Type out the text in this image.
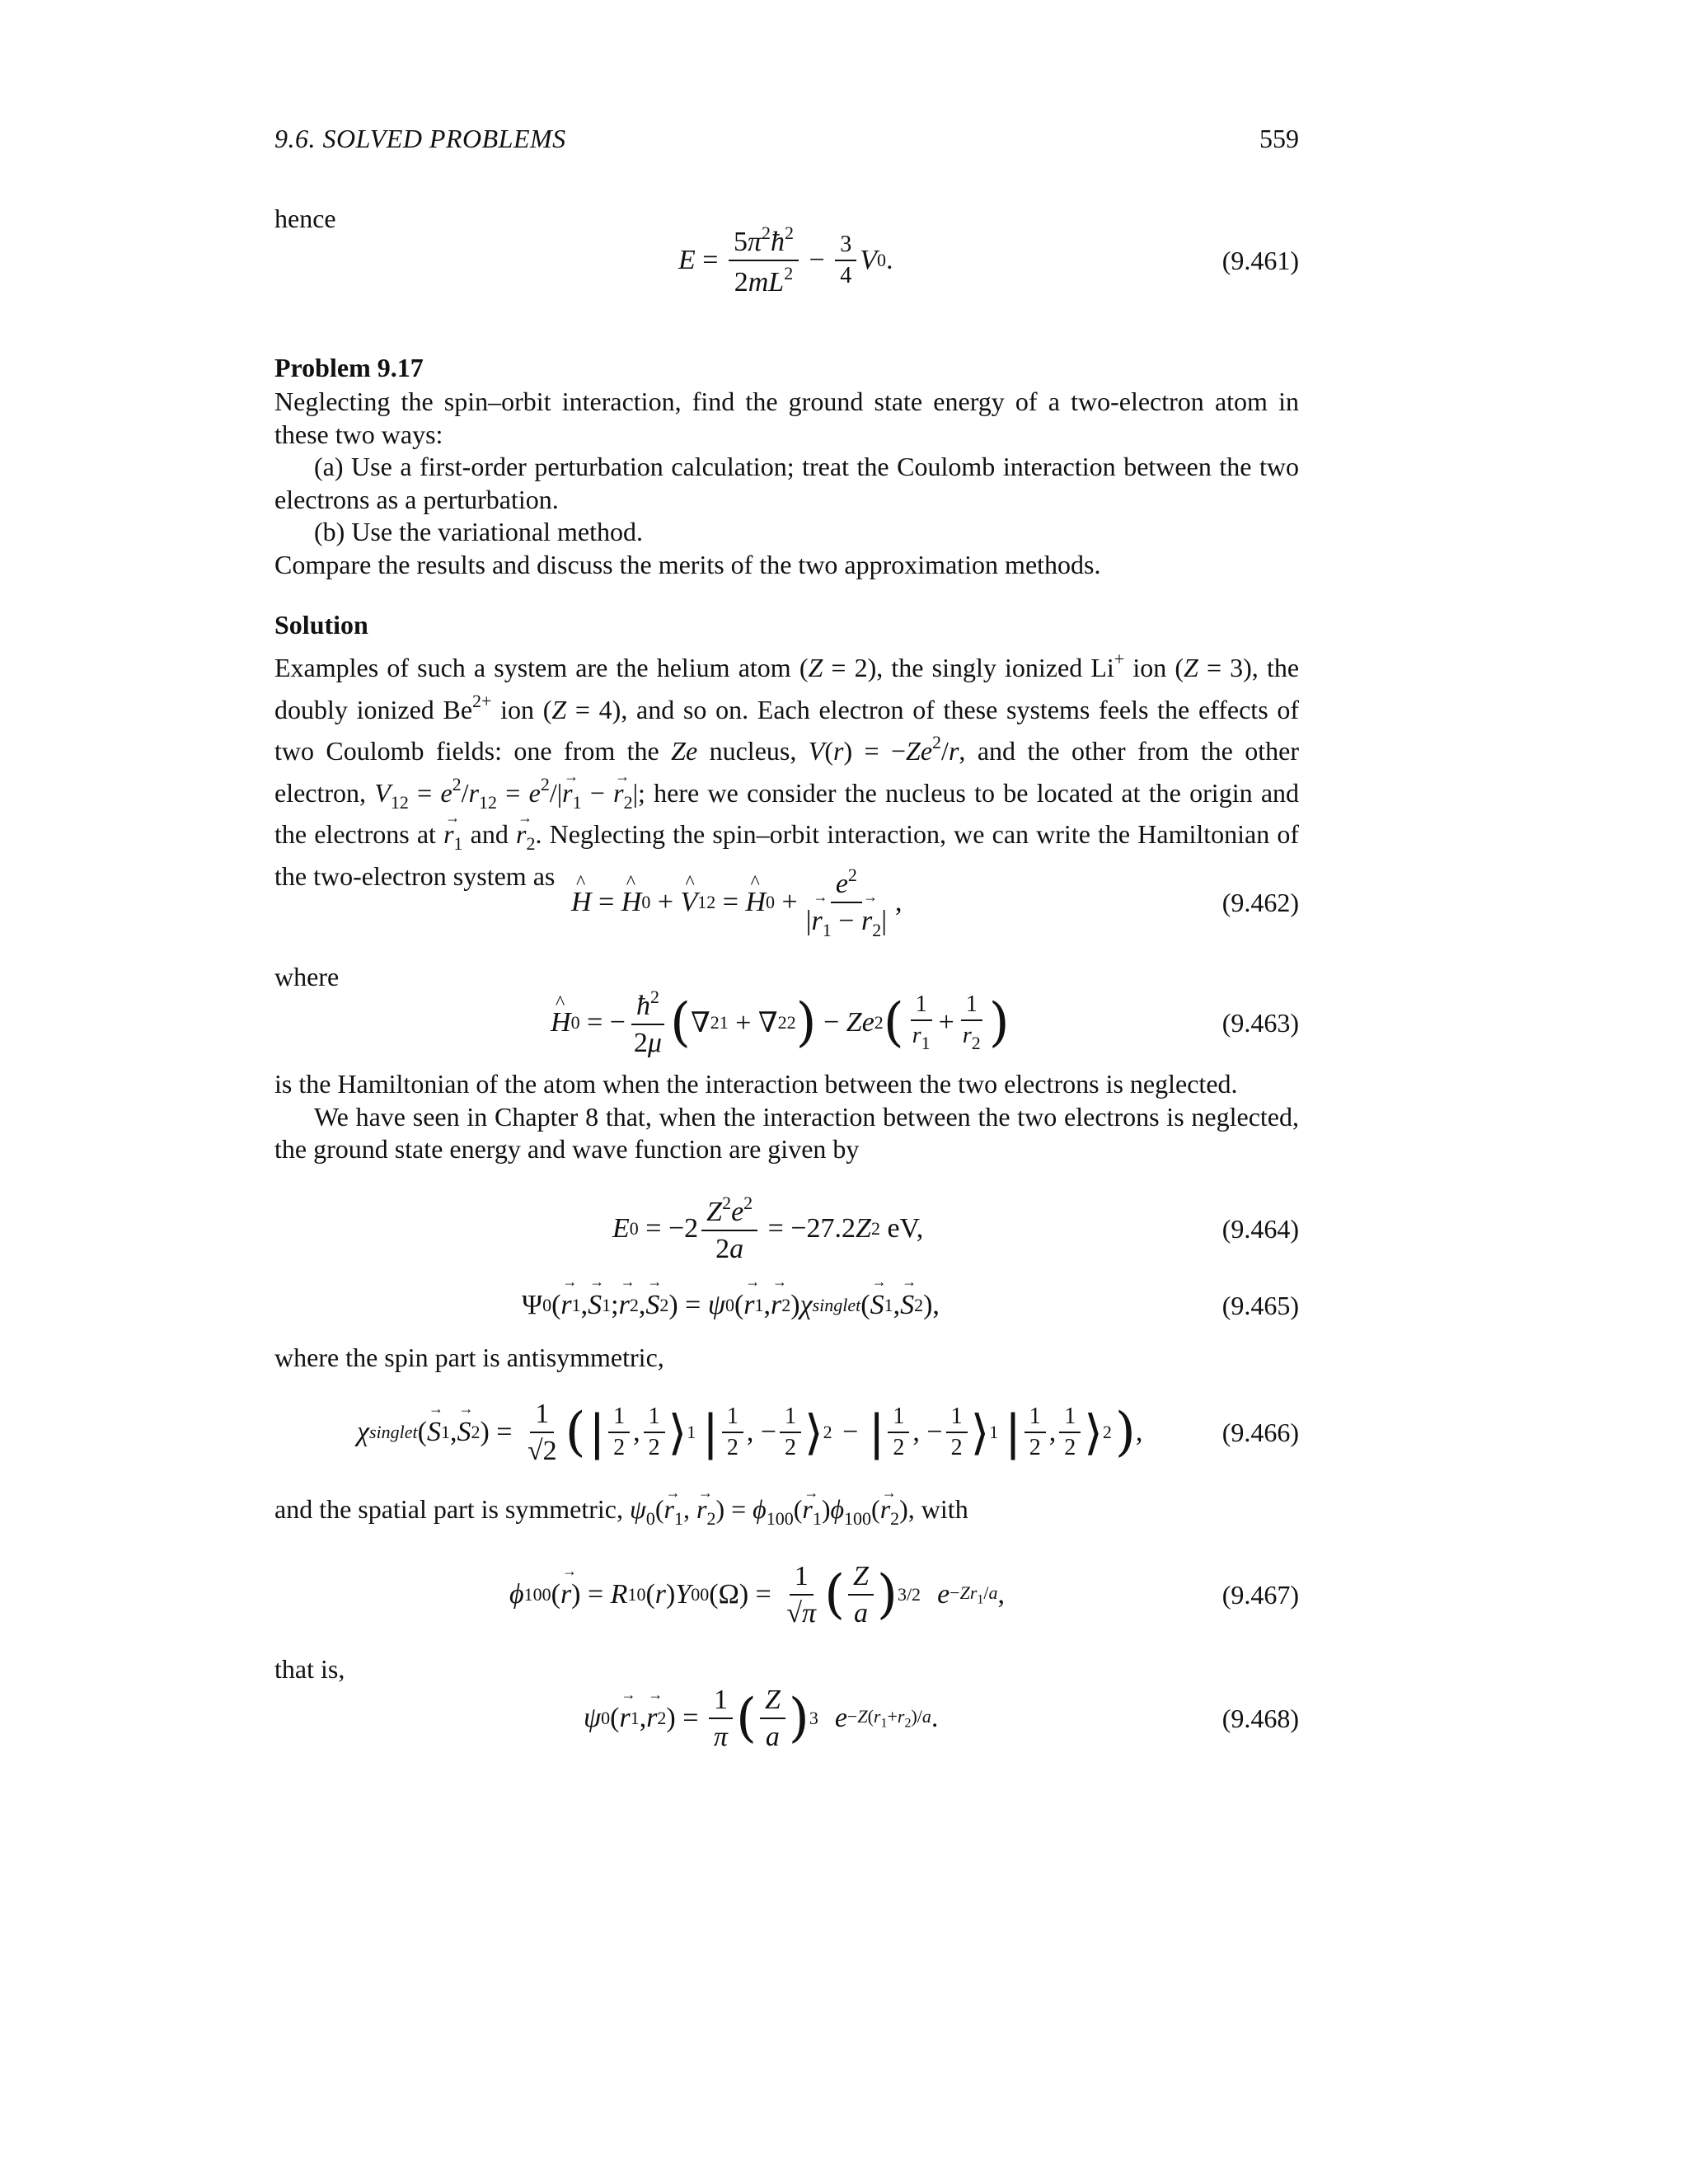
9.6. SOLVED PROBLEMS	559
hence
$E = \frac{5\pi^2ħ^2}{2mL^2} - \frac{3}{4}$ V 0 .	(9.461)
Problem 9.17

Neglecting the spin–orbit interaction, find the ground state energy of a two-electron atom in these two ways:

(a) Use a first-order perturbation calculation; treat the Coulomb interaction between the two electrons as a perturbation.

(b) Use the variational method.

Compare the results and discuss the merits of the two approximation methods.

Solution
Examples of such a system are the helium atom (Z = 2), the singly ionized Li+ ion (Z = 3), the doubly ionized $Be^{2+}$ ion (Z = 4), and so on. Each electron of these systems feels the effects of two Coulomb fields: one from the Ze nucleus, $V(r) = -Ze^2/r$, and the other from the other electron, $V_{12} = e^2/r_{12} = e^2/|\to r_1$ − → $r_2|$; here we consider the nucleus to be located at the origin and the electrons at → $r_1$ and → $r_2$. Neglecting the spin–orbit interaction, we can write the Hamiltonian of the two-electron system as
^ H = ^ H 0 + ^ V 12 = ^ H $0 + \frac{e^2}{|\to r_1 - \to r_2|}$ ,	(9.462)
where
^ H 0 = − $\frac{ħ^2}{2\mu}$ ( ∇ 2 1 + ∇ 2 2 ) − Ze 2 ( $\frac{1}{r_1} + \frac{1}{r_2}$ )	(9.463)

is the Hamiltonian of the atom when the interaction between the two electrons is neglected.

We have seen in Chapter 8 that, when the interaction between the two electrons is neglected, the ground state energy and wave function are given by

E $0 = -2 \frac{Z^2e^2}{2a} = -27.2$ Z 2 eV,	(9.464)
Ψ 0 ( → r 1 , → S 1 ; → r 2 , → S 2 ) = ψ 0 ( → r 1 , → r 2 ) χ singlet ( → S 1 , → S 2 ),	(9.465)
where the spin part is antisymmetric,
χ singlet ( → S 1 , → S 2 ) = $\frac{1}{√2}$ ( | $\frac{1}{2}$ , $\frac{1}{2}$ ⟩ 1 | $\frac{1}{2}$ , − $\frac{1}{2}$ ⟩ 2 − | $\frac{1}{2}$ , − $\frac{1}{2}$ ⟩ 1 | $\frac{1}{2}$ , $\frac{1}{2}$ ⟩ 2 ) ,	(9.466)
and the spatial part is symmetric, $\psi_0(\to r_1$, → $r_2) = \phi_{100}(\to r_1)\phi_{100}(\to r_2)$, with
ϕ 100 ( → r ) = R 10 ( r ) Y 00 $(\Omega) = \frac{1}{√\pi}$ ( $\frac{Z}{a}$ ) 3/2 $e -Zr_1/a$ ,	(9.467)
that is,
ψ 0 ( → r 1 , → r 2 ) = $\frac{1}{\pi}$ ( $\frac{Z}{a}$ ) 3 $e -Z(r_1+r_2)/a$ .	(9.468)
